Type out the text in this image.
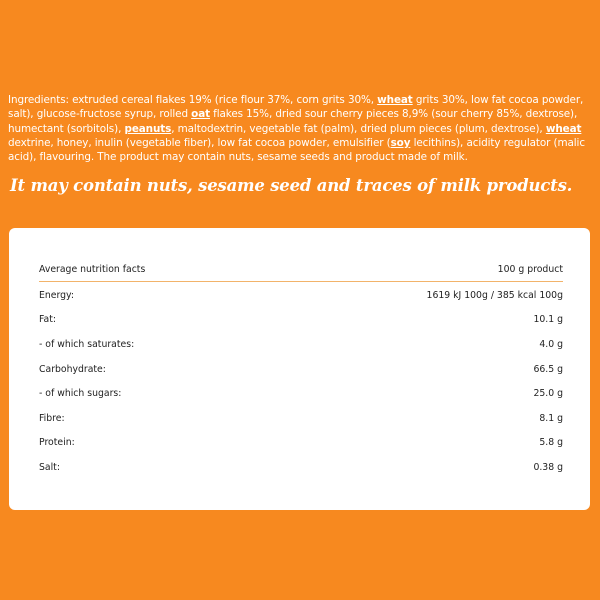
Ingredients: extruded cereal flakes 19% (rice flour 37%, corn grits 30%, wheat grits 30%, low fat cocoa powder, salt), glucose-fructose syrup, rolled oat flakes 15%, dried sour cherry pieces 8,9% (sour cherry 85%, dextrose), humectant (sorbitols), peanuts, maltodextrin, vegetable fat (palm), dried plum pieces (plum, dextrose), wheat dextrine, honey, inulin (vegetable fiber), low fat cocoa powder, emulsifier (soy lecithins), acidity regulator (malic acid), flavouring. The product may contain nuts, sesame seeds and product made of milk.
It may contain nuts, sesame seed and traces of milk products.
Average nutrition facts	100 g product
Energy:	1619 kJ 100g / 385 kcal 100g
Fat:	10.1 g
- of which saturates:	4.0 g
Carbohydrate:	66.5 g
- of which sugars:	25.0 g
Fibre:	8.1 g
Protein:	5.8 g
Salt:	0.38 g
